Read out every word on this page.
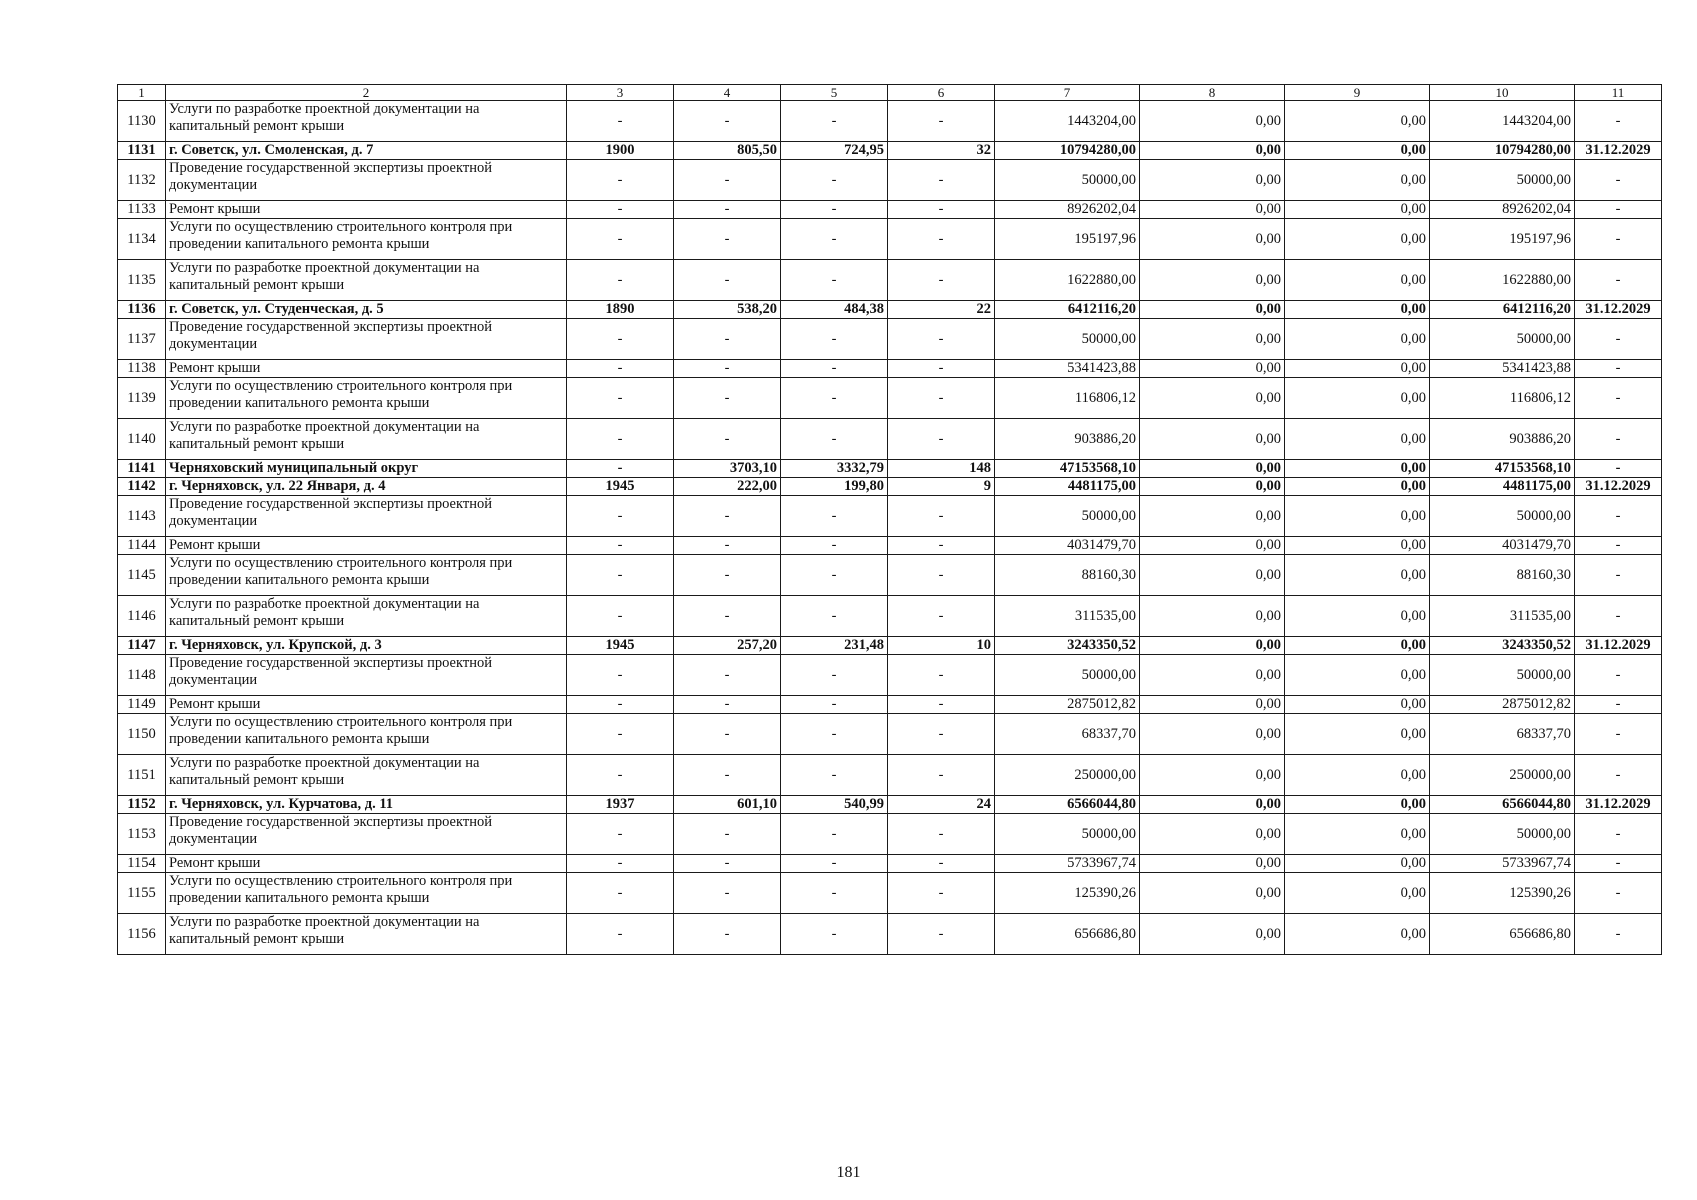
1	2	3	4	5	6	7	8	9	10	11
1130	Услуги по разработке проектной документации на капитальный ремонт крыши	-	-	-	-	1443204,00	0,00	0,00	1443204,00	-
1131	г. Советск, ул. Смоленская, д. 7	1900	805,50	724,95	32	10794280,00	0,00	0,00	10794280,00	31.12.2029
1132	Проведение государственной экспертизы проектной документации	-	-	-	-	50000,00	0,00	0,00	50000,00	-
1133	Ремонт крыши	-	-	-	-	8926202,04	0,00	0,00	8926202,04	-
1134	Услуги по осуществлению строительного контроля при проведении капитального ремонта крыши	-	-	-	-	195197,96	0,00	0,00	195197,96	-
1135	Услуги по разработке проектной документации на капитальный ремонт крыши	-	-	-	-	1622880,00	0,00	0,00	1622880,00	-
1136	г. Советск, ул. Студенческая, д. 5	1890	538,20	484,38	22	6412116,20	0,00	0,00	6412116,20	31.12.2029
1137	Проведение государственной экспертизы проектной документации	-	-	-	-	50000,00	0,00	0,00	50000,00	-
1138	Ремонт крыши	-	-	-	-	5341423,88	0,00	0,00	5341423,88	-
1139	Услуги по осуществлению строительного контроля при проведении капитального ремонта крыши	-	-	-	-	116806,12	0,00	0,00	116806,12	-
1140	Услуги по разработке проектной документации на капитальный ремонт крыши	-	-	-	-	903886,20	0,00	0,00	903886,20	-
1141	Черняховский муниципальный округ	-	3703,10	3332,79	148	47153568,10	0,00	0,00	47153568,10	-
1142	г. Черняховск, ул. 22 Января, д. 4	1945	222,00	199,80	9	4481175,00	0,00	0,00	4481175,00	31.12.2029
1143	Проведение государственной экспертизы проектной документации	-	-	-	-	50000,00	0,00	0,00	50000,00	-
1144	Ремонт крыши	-	-	-	-	4031479,70	0,00	0,00	4031479,70	-
1145	Услуги по осуществлению строительного контроля при проведении капитального ремонта крыши	-	-	-	-	88160,30	0,00	0,00	88160,30	-
1146	Услуги по разработке проектной документации на капитальный ремонт крыши	-	-	-	-	311535,00	0,00	0,00	311535,00	-
1147	г. Черняховск, ул. Крупской, д. 3	1945	257,20	231,48	10	3243350,52	0,00	0,00	3243350,52	31.12.2029
1148	Проведение государственной экспертизы проектной документации	-	-	-	-	50000,00	0,00	0,00	50000,00	-
1149	Ремонт крыши	-	-	-	-	2875012,82	0,00	0,00	2875012,82	-
1150	Услуги по осуществлению строительного контроля при проведении капитального ремонта крыши	-	-	-	-	68337,70	0,00	0,00	68337,70	-
1151	Услуги по разработке проектной документации на капитальный ремонт крыши	-	-	-	-	250000,00	0,00	0,00	250000,00	-
1152	г. Черняховск, ул. Курчатова, д. 11	1937	601,10	540,99	24	6566044,80	0,00	0,00	6566044,80	31.12.2029
1153	Проведение государственной экспертизы проектной документации	-	-	-	-	50000,00	0,00	0,00	50000,00	-
1154	Ремонт крыши	-	-	-	-	5733967,74	0,00	0,00	5733967,74	-
1155	Услуги по осуществлению строительного контроля при проведении капитального ремонта крыши	-	-	-	-	125390,26	0,00	0,00	125390,26	-
1156	Услуги по разработке проектной документации на капитальный ремонт крыши	-	-	-	-	656686,80	0,00	0,00	656686,80	-
181
